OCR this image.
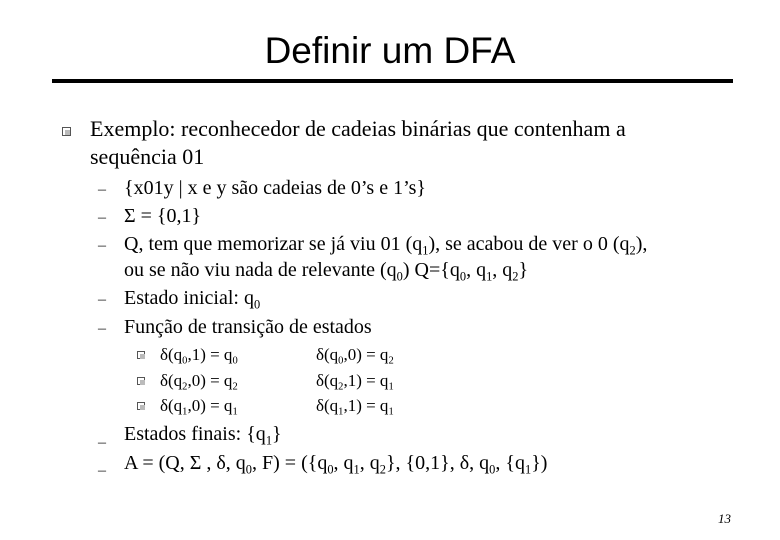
Definir um DFA
Exemplo: reconhecedor de cadeias binárias que contenham a
sequência 01
– {x01y | x e y são cadeias de 0’s e 1’s}
– Σ = {0,1}
– Q, tem que memorizar se já viu 01 $(q_1)$, se acabou de ver o 0 $(q_2)$,
ou se não viu nada de relevante $(q_0)$ $Q=\{q_0$, $q_1$, $q_2$}
– Estado inicial: $q_0$
– Função de transição de estados
$\delta(q_0,1) = q_0$
$\delta(q_2,0) = q_2$
$\delta(q_1,0) = q_1$
$\delta(q_0,0) = q_2$
$\delta(q_2,1) = q_1$
$\delta(q_1,1) = q_1$
– Estados finais: $\{q_1\}$
– A = (Q, Σ , δ, $q_0$, $F) = (\{q_0$, $q_1$, $q_2$}, {0,1}, δ, $q_0$, $\{q_1\}$)
13
